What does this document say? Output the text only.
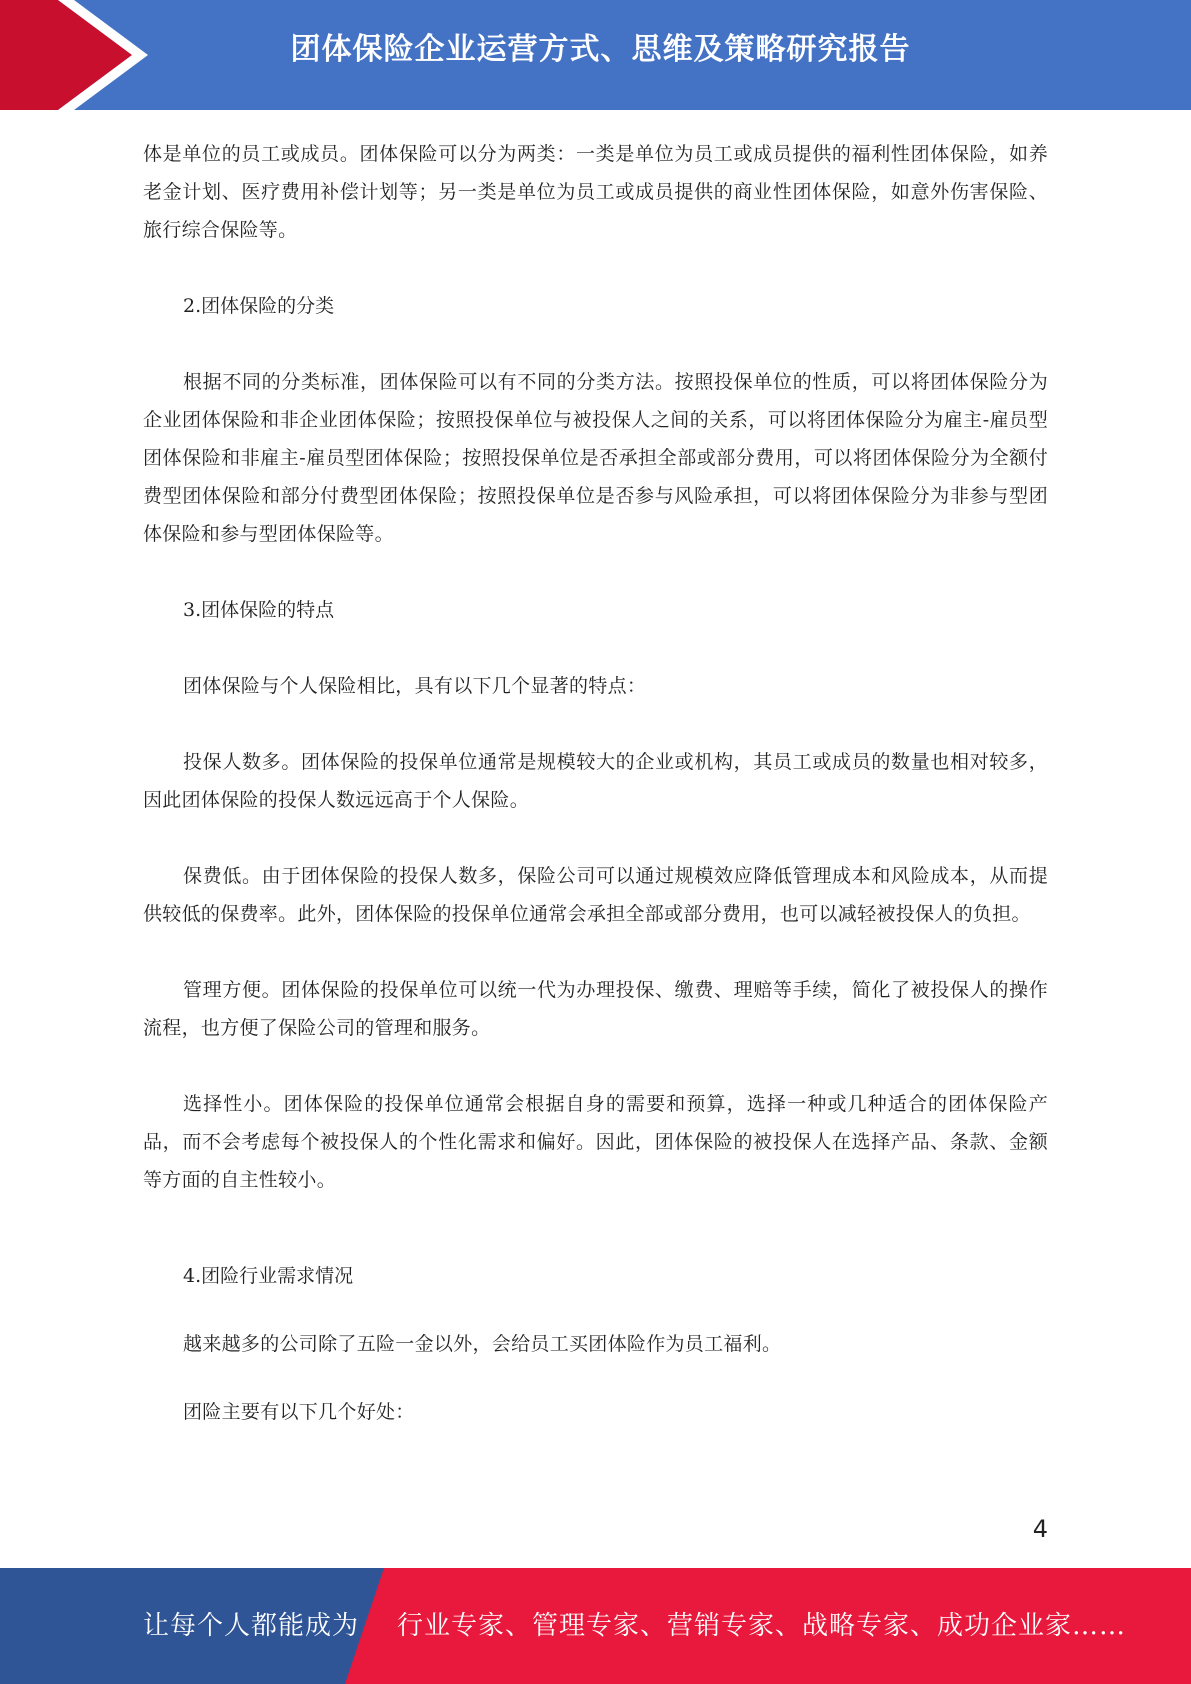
团体保险企业运营方式、思维及策略研究报告

体是单位的员工或成员。团体保险可以分为两类：一类是单位为员工或成员提供的福利性团体保险，如养老金计划、医疗费用补偿计划等；另一类是单位为员工或成员提供的商业性团体保险，如意外伤害保险、旅行综合保险等。

2.团体保险的分类

根据不同的分类标准，团体保险可以有不同的分类方法。按照投保单位的性质，可以将团体保险分为企业团体保险和非企业团体保险；按照投保单位与被投保人之间的关系，可以将团体保险分为雇主-雇员型团体保险和非雇主-雇员型团体保险；按照投保单位是否承担全部或部分费用，可以将团体保险分为全额付费型团体保险和部分付费型团体保险；按照投保单位是否参与风险承担，可以将团体保险分为非参与型团体保险和参与型团体保险等。

3.团体保险的特点

团体保险与个人保险相比，具有以下几个显著的特点：

投保人数多。团体保险的投保单位通常是规模较大的企业或机构，其员工或成员的数量也相对较多，因此团体保险的投保人数远远高于个人保险。

保费低。由于团体保险的投保人数多，保险公司可以通过规模效应降低管理成本和风险成本，从而提供较低的保费率。此外，团体保险的投保单位通常会承担全部或部分费用，也可以减轻被投保人的负担。

管理方便。团体保险的投保单位可以统一代为办理投保、缴费、理赔等手续，简化了被投保人的操作流程，也方便了保险公司的管理和服务。

选择性小。团体保险的投保单位通常会根据自身的需要和预算，选择一种或几种适合的团体保险产品，而不会考虑每个被投保人的个性化需求和偏好。因此，团体保险的被投保人在选择产品、条款、金额等方面的自主性较小。

4.团险行业需求情况

越来越多的公司除了五险一金以外，会给员工买团体险作为员工福利。

团险主要有以下几个好处：

4
让每个人都能成为 行业专家、管理专家、营销专家、战略专家、成功企业家……
